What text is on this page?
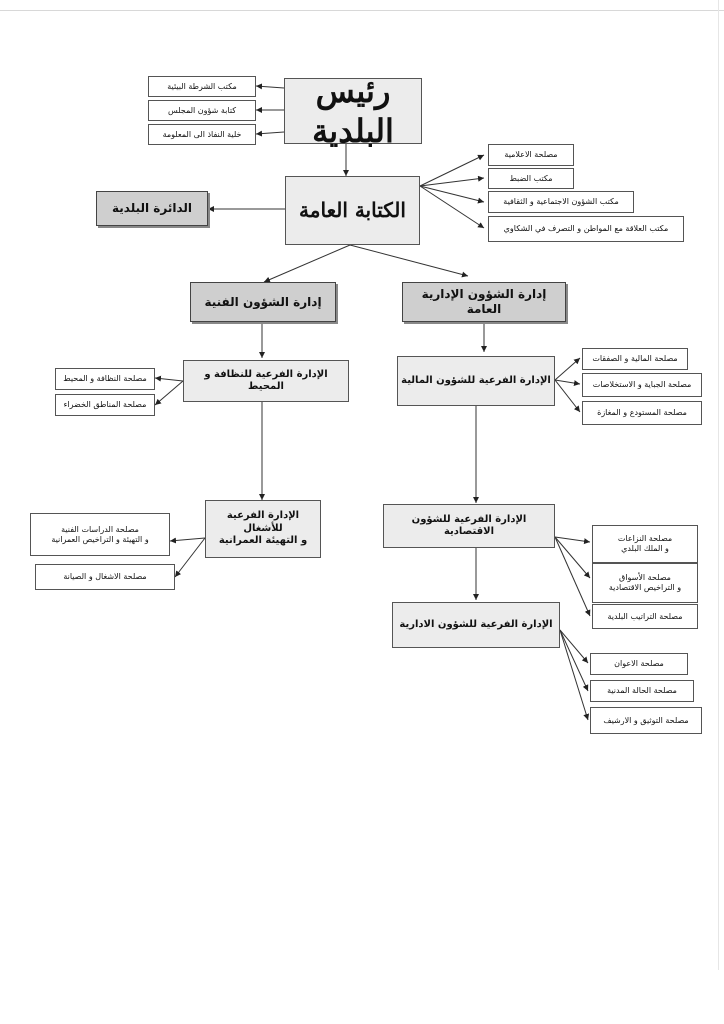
رئيس البلدية
مكتب الشرطة البيئية
كتابة شؤون المجلس
خلية النفاذ الى المعلومة
الكتابة العامة
الدائرة البلدية
مصلحة الاعلامية
مكتب الضبط
مكتب الشؤون الاجتماعية و الثقافية
مكتب العلاقة مع المواطن و التصرف في الشكاوي
إدارة الشؤون الفنية
إدارة الشؤون الإدارية العامة
الإدارة الفرعية للنظافة و المحيط
مصلحة النظافة و المحيط
مصلحة المناطق الخضراء
الإدارة الفرعية للأشغال
و التهيئة العمرانية
مصلحة الدراسات الفنية
و التهيئة و التراخيص العمرانية
مصلحة الاشغال و الصيانة
الإدارة الفرعية للشؤون المالية
مصلحة المالية و الصفقات
مصلحة الجباية و الاستخلاصات
مصلحة المستودع و المغازة
الإدارة الفرعية للشؤون الاقتصادية
مصلحة النزاعات
و الملك البلدي
مصلحة الأسواق
و التراخيص الاقتصادية
مصلحة التراتيب البلدية
الإدارة الفرعية للشؤون الادارية
مصلحة الاعوان
مصلحة الحالة المدنية
مصلحة التوثيق و الارشيف
